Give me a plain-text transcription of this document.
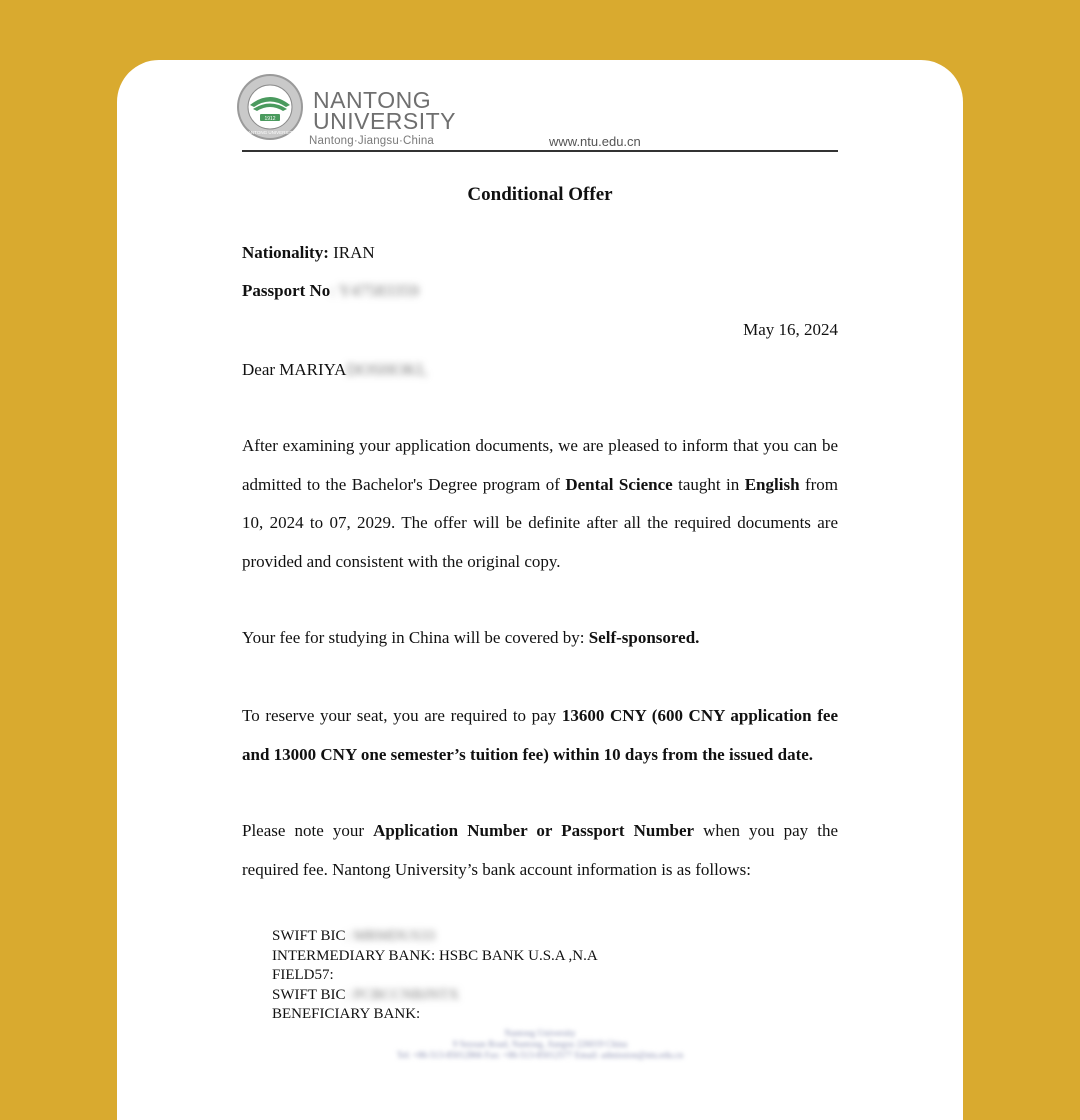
1912
NANTONG UNIVERSITY
NANTONG
UNIVERSITY
Nantong·Jiangsu·China	www.ntu.edu.cn
Conditional Offer
Nationality: IRAN
Passport No: Y47583359
May 16, 2024
Dear MARIYADOSHOKI,
After examining your application documents, we are pleased to inform that you can be admitted to the Bachelor's Degree program of Dental Science taught in English from 10, 2024 to 07, 2029. The offer will be definite after all the required documents are provided and consistent with the original copy.
Your fee for studying in China will be covered by: Self-sponsored.
To reserve your seat, you are required to pay 13600 CNY (600 CNY application fee and 13000 CNY one semester’s tuition fee) within 10 days from the issued date.
Please note your Application Number or Passport Number when you pay the required fee. Nantong University’s bank account information is as follows:
SWIFT BIC: MRMDUS33
INTERMEDIARY BANK: HSBC BANK U.S.A ,N.A
FIELD57:
SWIFT BIC: PCBCCNBJNTX
BENEFICIARY BANK:
Nantong University
9 Seyuan Road, Nantong, Jiangsu 226019 China
Tel: +86-513-85012866 Fax: +86-513-85012577 Email: admission@ntu.edu.cn
